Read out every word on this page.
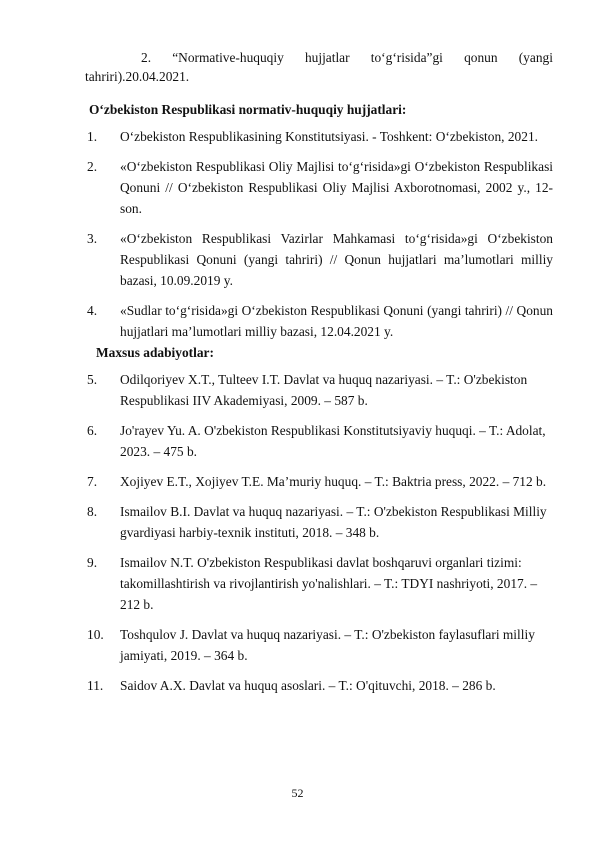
2. “Normative-huquqiy hujjatlar to‘g‘risida”gi qonun (yangi
tahriri).20.04.2021.
O‘zbekiston Respublikasi normativ-huquqiy hujjatlari:
1.	O‘zbekiston Respublikasining Konstitutsiyasi. - Toshkent: O‘zbekiston, 2021.
2.	«O‘zbekiston Respublikasi Oliy Majlisi to‘g‘risida»gi O‘zbekiston Respublikasi Qonuni // O‘zbekiston Respublikasi Oliy Majlisi Axborotnomasi, 2002 y., 12-son.
3.	«O‘zbekiston Respublikasi Vazirlar Mahkamasi to‘g‘risida»gi O‘zbekiston Respublikasi Qonuni (yangi tahriri) // Qonun hujjatlari ma’lumotlari milliy bazasi, 10.09.2019 y.
4.	«Sudlar to‘g‘risida»gi O‘zbekiston Respublikasi Qonuni (yangi tahriri) // Qonun hujjatlari ma’lumotlari milliy bazasi, 12.04.2021 y.
Maxsus adabiyotlar:
5.	Odilqoriyev X.T., Tulteev I.T. Davlat va huquq nazariyasi. – T.: O'zbekiston Respublikasi IIV Akademiyasi, 2009. – 587 b.
6.	Jo'rayev Yu. A. O'zbekiston Respublikasi Konstitutsiyaviy huquqi. – T.: Adolat, 2023. – 475 b.
7.	Xojiyev E.T., Xojiyev T.E. Ma’muriy huquq. – T.: Baktria press, 2022. – 712 b.
8.	Ismailov B.I. Davlat va huquq nazariyasi. – T.: O'zbekiston Respublikasi Milliy gvardiyasi harbiy-texnik instituti, 2018. – 348 b.
9.	Ismailov N.T. O'zbekiston Respublikasi davlat boshqaruvi organlari tizimi: takomillashtirish va rivojlantirish yo'nalishlari. – T.: TDYI nashriyoti, 2017. – 212 b.
10.	Toshqulov J. Davlat va huquq nazariyasi. – T.: O'zbekiston faylasuflari milliy jamiyati, 2019. – 364 b.
11.	Saidov A.X. Davlat va huquq asoslari. – T.: O'qituvchi, 2018. – 286 b.
52
